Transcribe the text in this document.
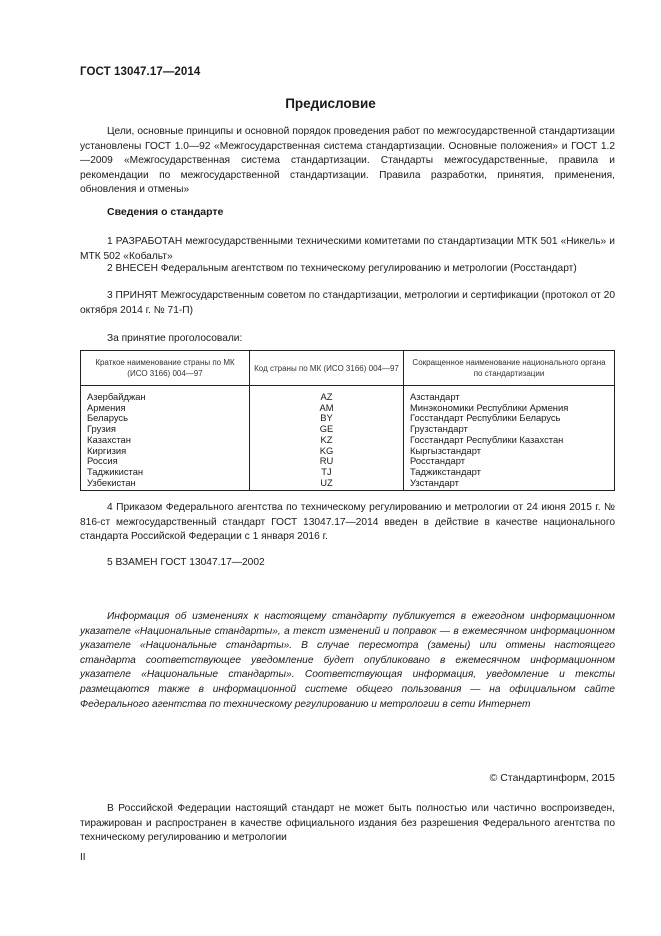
ГОСТ 13047.17—2014
Предисловие

Цели, основные принципы и основной порядок проведения работ по межгосударственной стандартизации установлены ГОСТ 1.0—92 «Межгосударственная система стандартизации. Основные положения» и ГОСТ 1.2—2009 «Межгосударственная система стандартизации. Стандарты межгосударственные, правила и рекомендации по межгосударственной стандартизации. Правила разработки, принятия, применения, обновления и отмены»

Сведения о стандарте
1 РАЗРАБОТАН межгосударственными техническими комитетами по стандартизации МТК 501 «Никель» и МТК 502 «Кобальт»
2 ВНЕСЕН Федеральным агентством по техническому регулированию и метрологии (Росстандарт)
3 ПРИНЯТ Межгосударственным советом по стандартизации, метрологии и сертификации (протокол от 20 октября 2014 г. № 71-П)
За принятие проголосовали:
Краткое наименование страны по МК (ИСО 3166) 004—97	Код страны по МК (ИСО 3166) 004—97	Сокращенное наименование национального органа по стандартизации
Азербайджан	AZ	Азстандарт
Армения	AM	Минэкономики Республики Армения
Беларусь	BY	Госстандарт Республики Беларусь
Грузия	GE	Грузстандарт
Казахстан	KZ	Госстандарт Республики Казахстан
Киргизия	KG	Кыргызстандарт
Россия	RU	Росстандарт
Таджикистан	TJ	Таджикстандарт
Узбекистан	UZ	Узстандарт
4 Приказом Федерального агентства по техническому регулированию и метрологии от 24 июня 2015 г. № 816-ст межгосударственный стандарт ГОСТ 13047.17—2014 введен в действие в качестве национального стандарта Российской Федерации с 1 января 2016 г.
5 ВЗАМЕН ГОСТ 13047.17—2002

Информация об изменениях к настоящему стандарту публикуется в ежегодном информационном указателе «Национальные стандарты», а текст изменений и поправок — в ежемесячном информационном указателе «Национальные стандарты». В случае пересмотра (замены) или отмены настоящего стандарта соответствующее уведомление будет опубликовано в ежемесячном информационном указателе «Национальные стандарты». Соответствующая информация, уведомление и тексты размещаются также в информационной системе общего пользования — на официальном сайте Федерального агентства по техническому регулированию и метрологии в сети Интернет

© Стандартинформ, 2015

В Российской Федерации настоящий стандарт не может быть полностью или частично воспроизведен, тиражирован и распространен в качестве официального издания без разрешения Федерального агентства по техническому регулированию и метрологии

II
